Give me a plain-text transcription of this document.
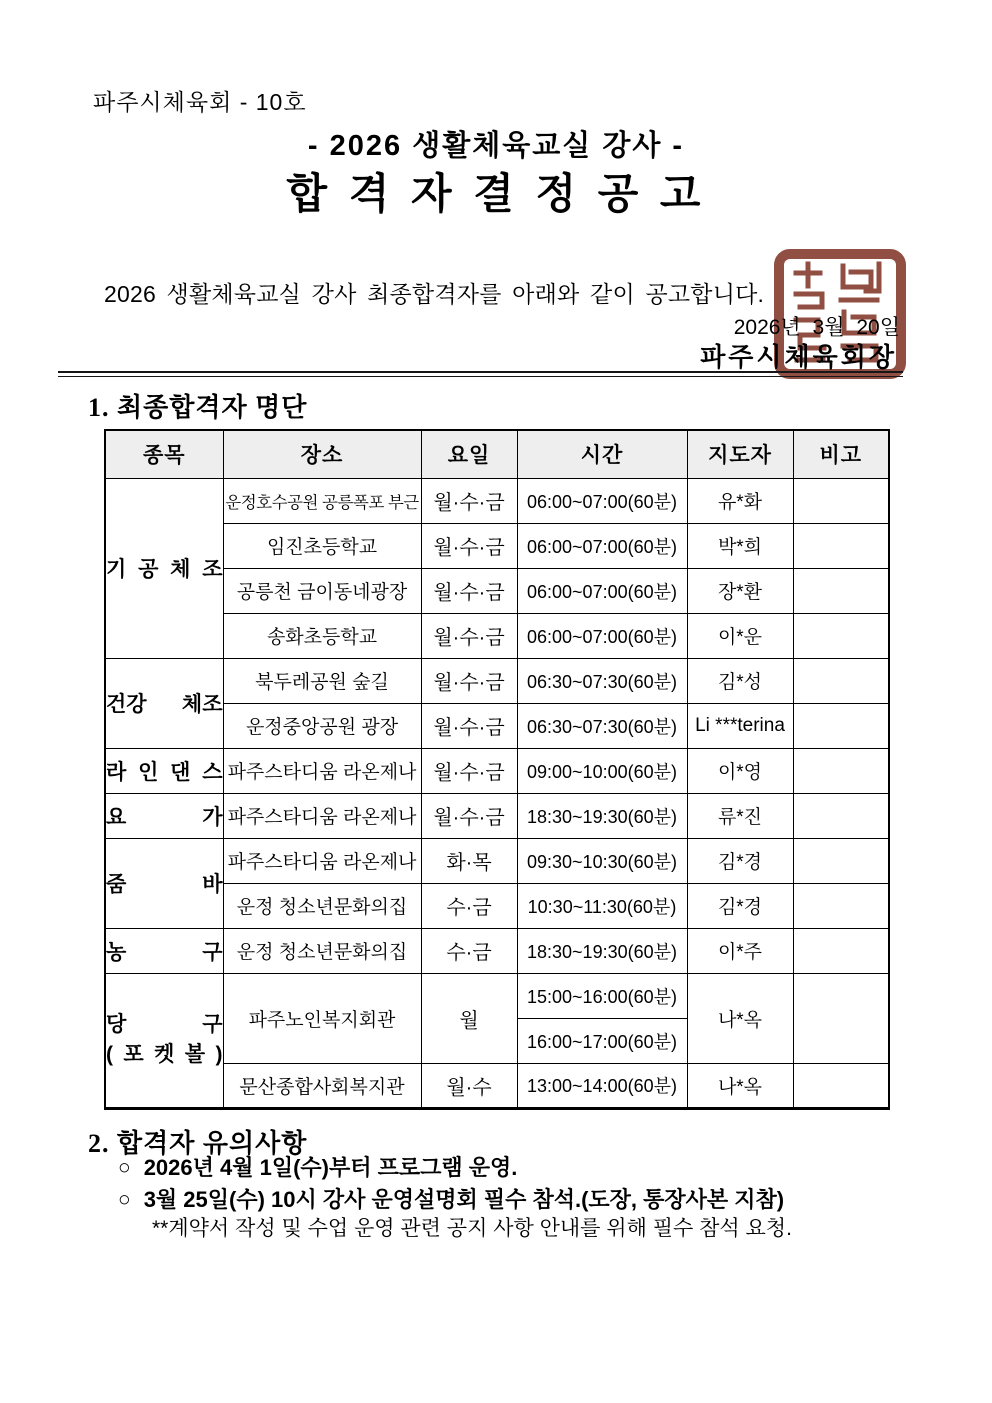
파주시체육회 - 10호
- 2026 생활체육교실 강사 -
합 격 자 결 정 공 고
2026 생활체육교실 강사 최종합격자를 아래와 같이 공고합니다.
2026년 3월 20일
파주시체육회장
1. 최종합격자 명단
종목	장소	요일	시간	지도자	비고
기 공 체 조	운정호수공원 공릉폭포 부근	월·수·금	06:00~07:00(60분)	유*화	
	임진초등학교	월·수·금	06:00~07:00(60분)	박*희	
	공릉천 금이동네광장	월·수·금	06:00~07:00(60분)	장*환	
	송화초등학교	월·수·금	06:00~07:00(60분)	이*운	
건강 체조	북두레공원 숲길	월·수·금	06:30~07:30(60분)	김*성	
	운정중앙공원 광장	월·수·금	06:30~07:30(60분)	Li ***terina	
라 인 댄 스	파주스타디움 라온제나	월·수·금	09:00~10:00(60분)	이*영	
요 가	파주스타디움 라온제나	월·수·금	18:30~19:30(60분)	류*진	
줌 바	파주스타디움 라온제나	화·목	09:30~10:30(60분)	김*경	
	운정 청소년문화의집	수·금	10:30~11:30(60분)	김*경	
농 구	운정 청소년문화의집	수·금	18:30~19:30(60분)	이*주	

당 구
( 포 켓 볼 )	파주노인복지회관	월	15:00~16:00(60분)	나*옥	
			16:00~17:00(60분)		
	문산종합사회복지관	월·수	13:00~14:00(60분)	나*옥	
2. 합격자 유의사항
○ 2026년 4월 1일(수)부터 프로그램 운영.
○ 3월 25일(수) 10시 강사 운영설명회 필수 참석.(도장, 통장사본 지참)
**계약서 작성 및 수업 운영 관련 공지 사항 안내를 위해 필수 참석 요청.
